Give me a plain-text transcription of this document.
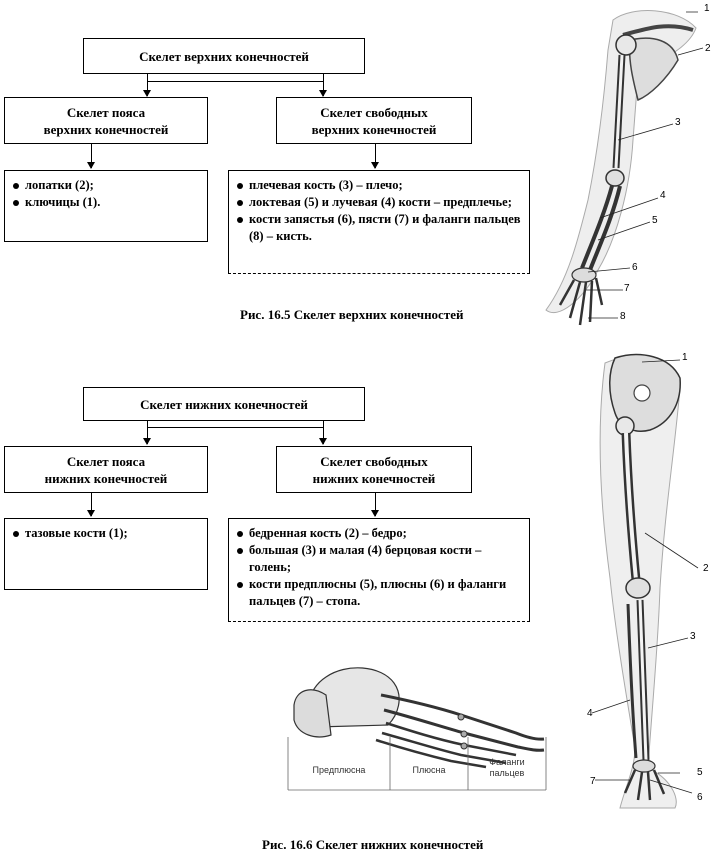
Скелет верхних конечностей
Скелет пояса
верхних конечностей
Скелет свободных
верхних конечностей
лопатки (2);
ключицы (1).
плечевая кость (3) – плечо;
локтевая (5) и лучевая (4) кости – предплечье;
кости запястья (6), пясти (7) и фаланги пальцев (8) – кисть.
Рис. 16.5 Скелет верхних конечностей
1
2
3
4
5
6
7
8
Скелет нижних конечностей
Скелет пояса
нижних конечностей
Скелет свободных
нижних конечностей
тазовые кости (1);	бедренная кость (2) – бедро;
большая (3) и малая (4) берцовая кости – голень;
кости предплюсны (5), плюсны (6) и фаланги пальцев (7) – стопа.
Предплюсна	Плюсна
Фаланги пальцев
1
2
3
4
5
6
7
Рис. 16.6 Скелет нижних конечностей
